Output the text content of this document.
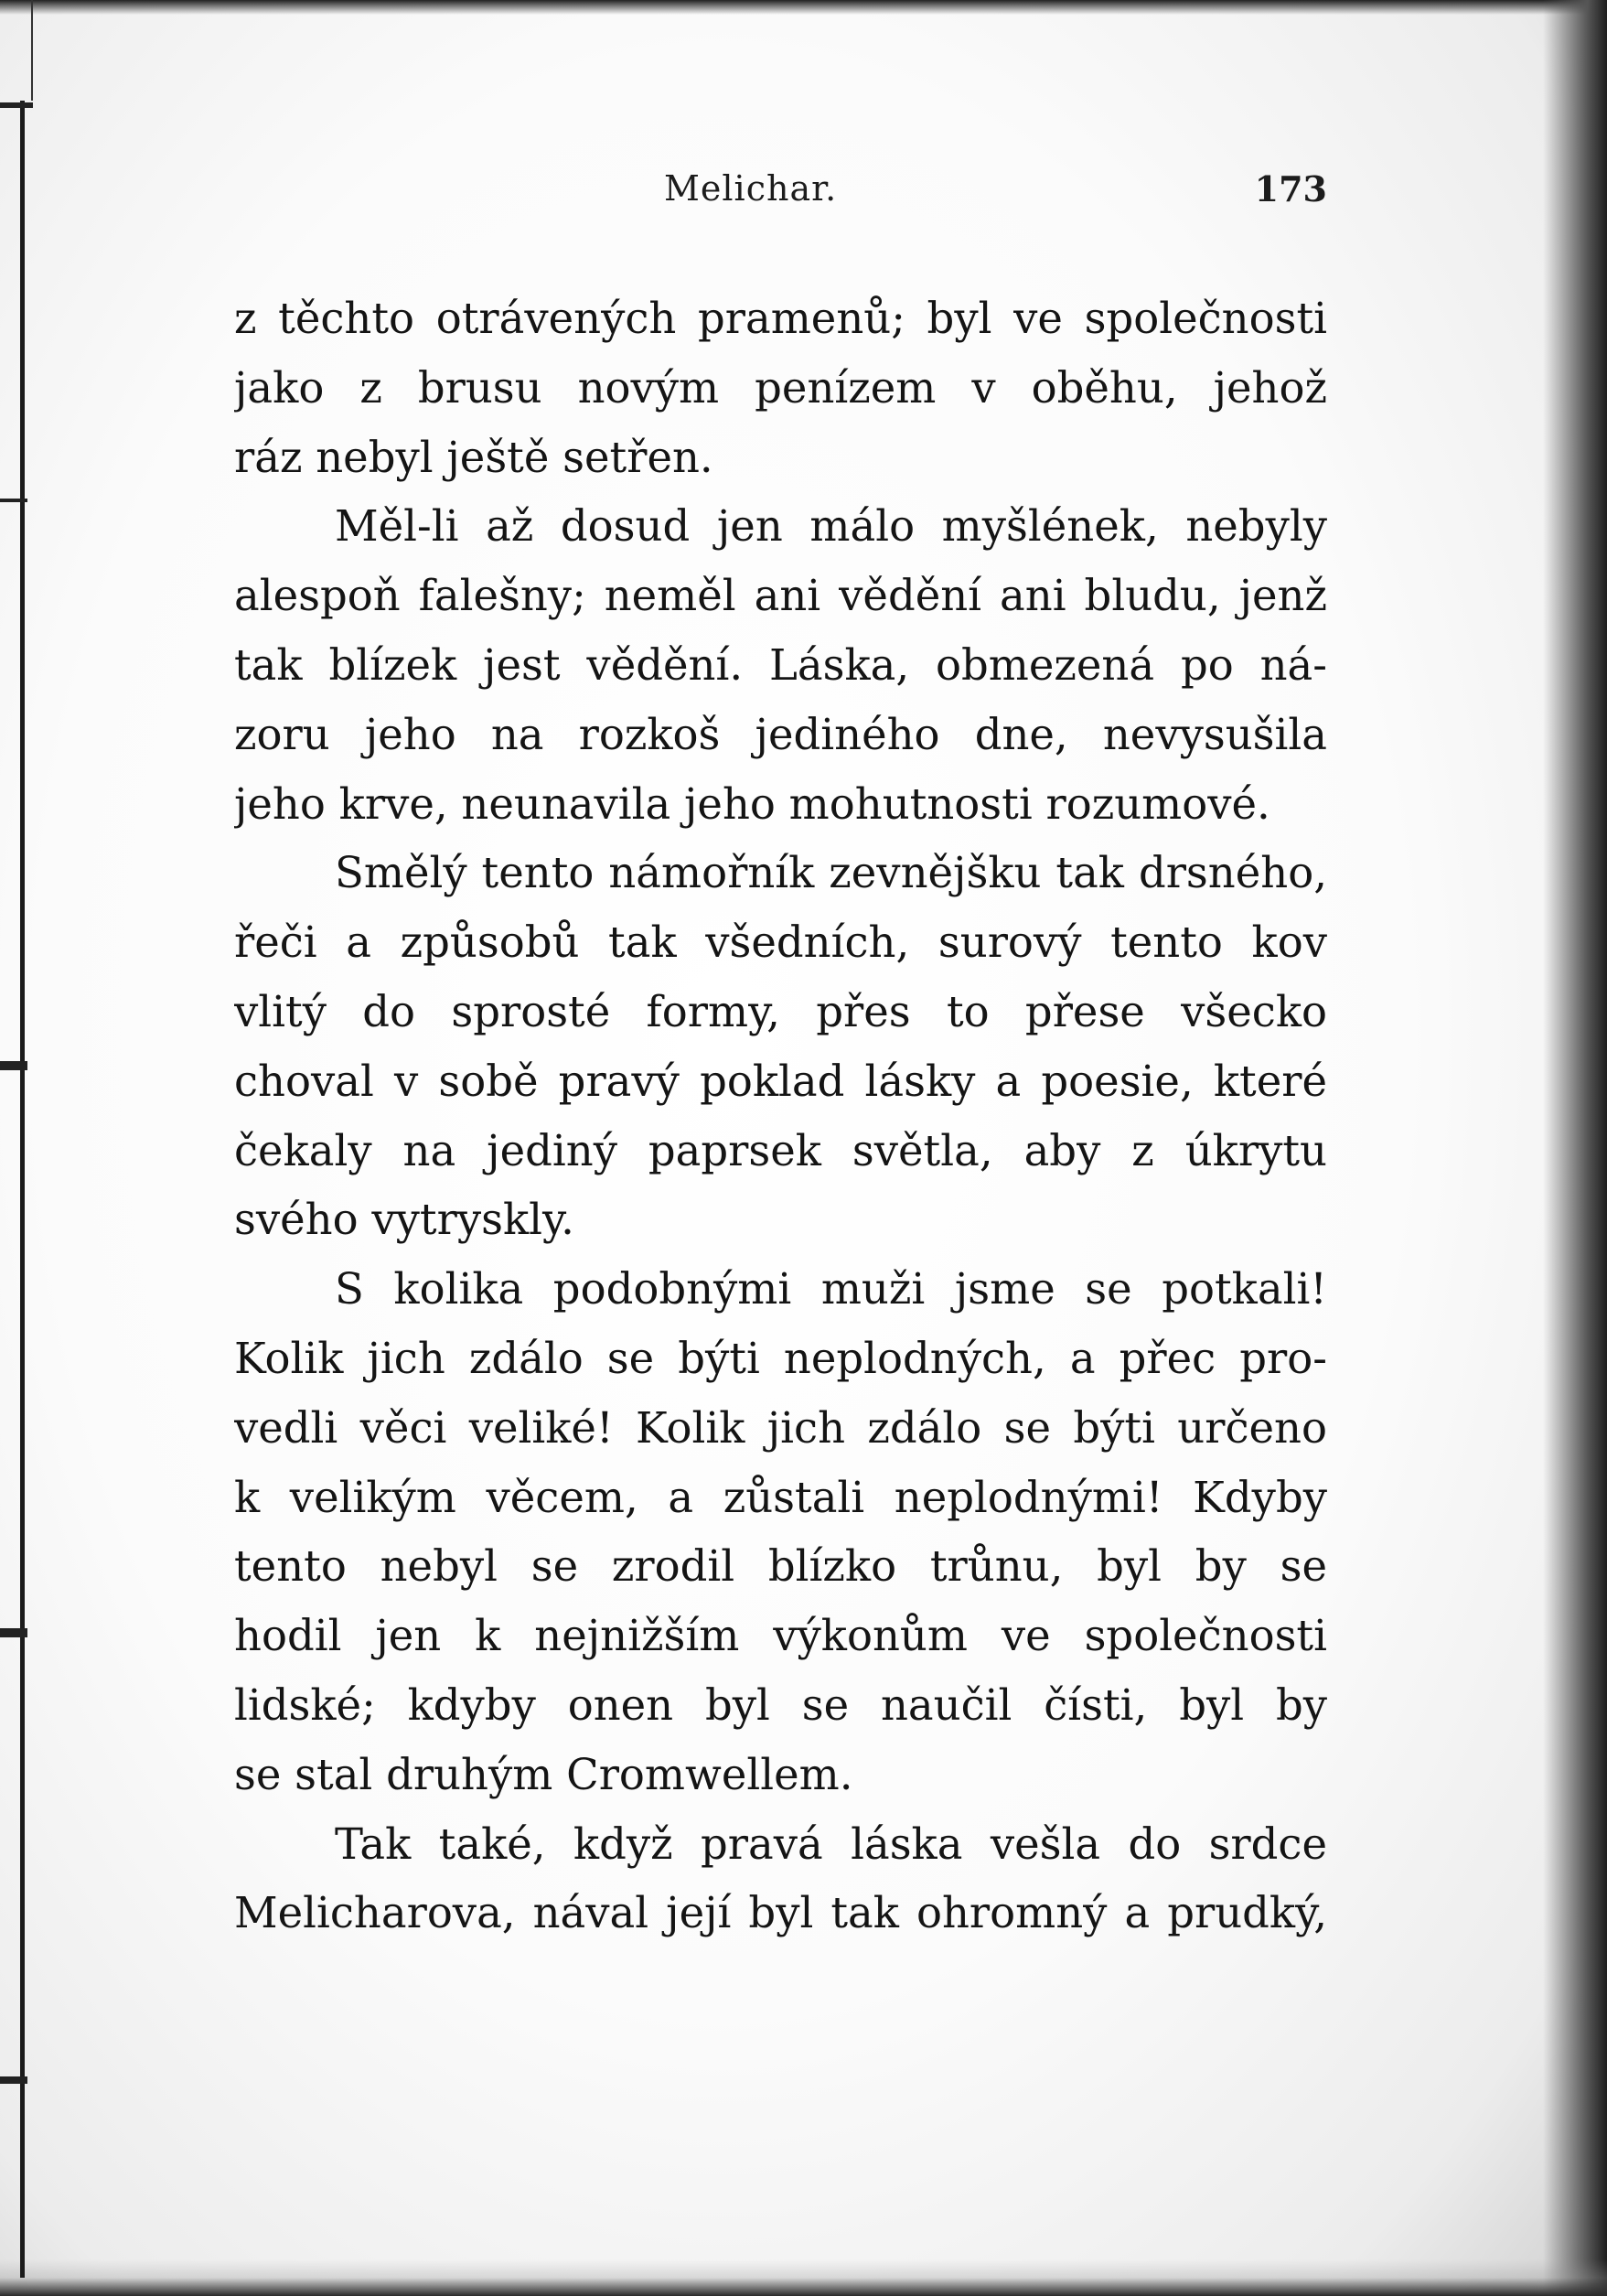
Melichar.	173
z těchto otrávených pramenů; byl ve společnosti
jako z brusu novým penízem v oběhu, jehož
ráz nebyl ještě setřen.
Měl-li až dosud jen málo myšlének, nebyly
alespoň falešny; neměl ani vědění ani bludu, jenž
tak blízek jest vědění. Láska, obmezená po ná-
zoru jeho na rozkoš jediného dne, nevysušila
jeho krve, neunavila jeho mohutnosti rozumové.
Smělý tento námořník zevnějšku tak drsného,
řeči a způsobů tak všedních, surový tento kov
vlitý do sprosté formy, přes to přese všecko
choval v sobě pravý poklad lásky a poesie, které
čekaly na jediný paprsek světla, aby z úkrytu
svého vytryskly.
S kolika podobnými muži jsme se potkali!
Kolik jich zdálo se býti neplodných, a přec pro-
vedli věci veliké! Kolik jich zdálo se býti určeno
k velikým věcem, a zůstali neplodnými! Kdyby
tento nebyl se zrodil blízko trůnu, byl by se
hodil jen k nejnižším výkonům ve společnosti
lidské; kdyby onen byl se naučil čísti, byl by
se stal druhým Cromwellem.
Tak také, když pravá láska vešla do srdce
Melicharova, nával její byl tak ohromný a prudký,
